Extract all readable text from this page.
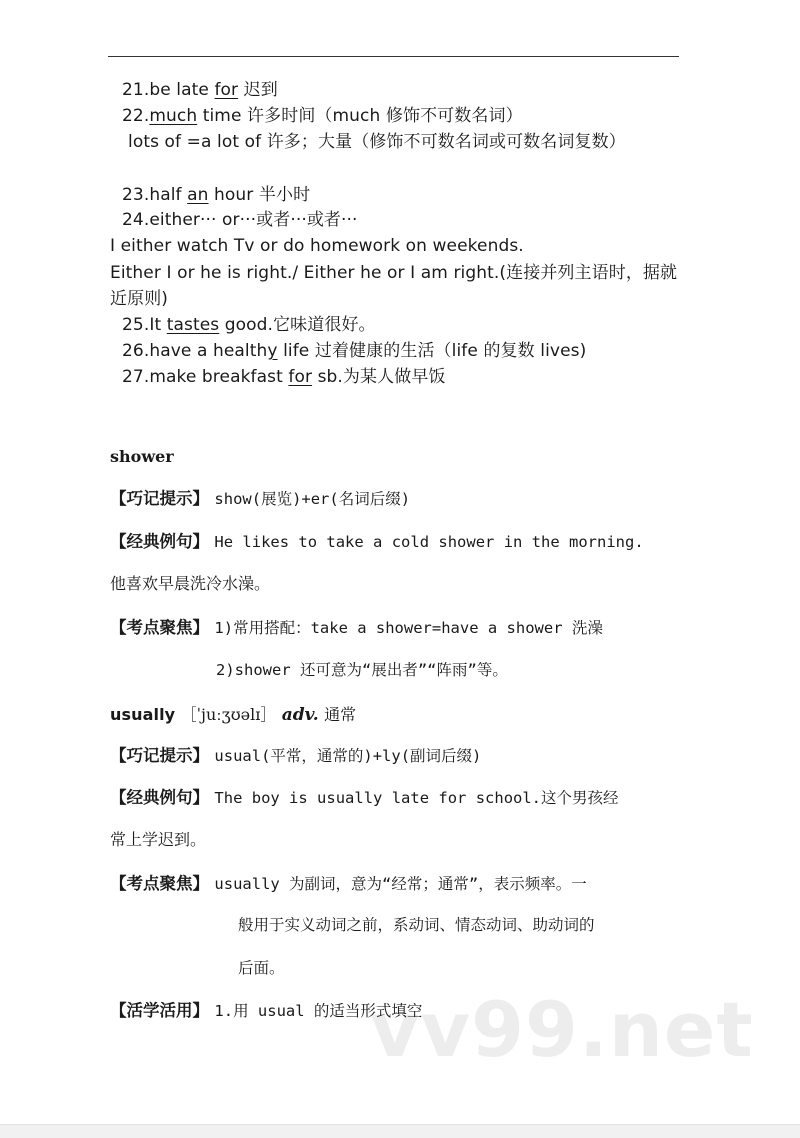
21.be late for 迟到
22.much time 许多时间（much 修饰不可数名词）
lots of =a lot of 许多；大量（修饰不可数名词或可数名词复数）
23.half an hour 半小时
24.either··· or···或者···或者···
I either watch Tv or do homework on weekends.
Either I or he is right./ Either he or I am right.(连接并列主语时，据就
近原则)
25.It tastes good.它味道很好。
26.have a healthy life 过着健康的生活（life 的复数 lives)
27.make breakfast for sb.为某人做早饭
shower
【巧记提示】 show(展览)+er(名词后缀)
【经典例句】 He likes to take a cold shower in the morning.
他喜欢早晨洗冷水澡。
【考点聚焦】 1)常用搭配：take a shower=have a shower 洗澡
2)shower 还可意为“展出者”“阵雨”等。
usually ［ˈjuːʒʊəlɪ］ adv. 通常
【巧记提示】 usual(平常，通常的)+ly(副词后缀)
【经典例句】 The boy is usually late for school.这个男孩经
常上学迟到。
【考点聚焦】 usually 为副词，意为“经常；通常”，表示频率。一
般用于实义动词之前，系动词、情态动词、助动词的
后面。
【活学活用】 1.用 usual 的适当形式填空
vv99.net
